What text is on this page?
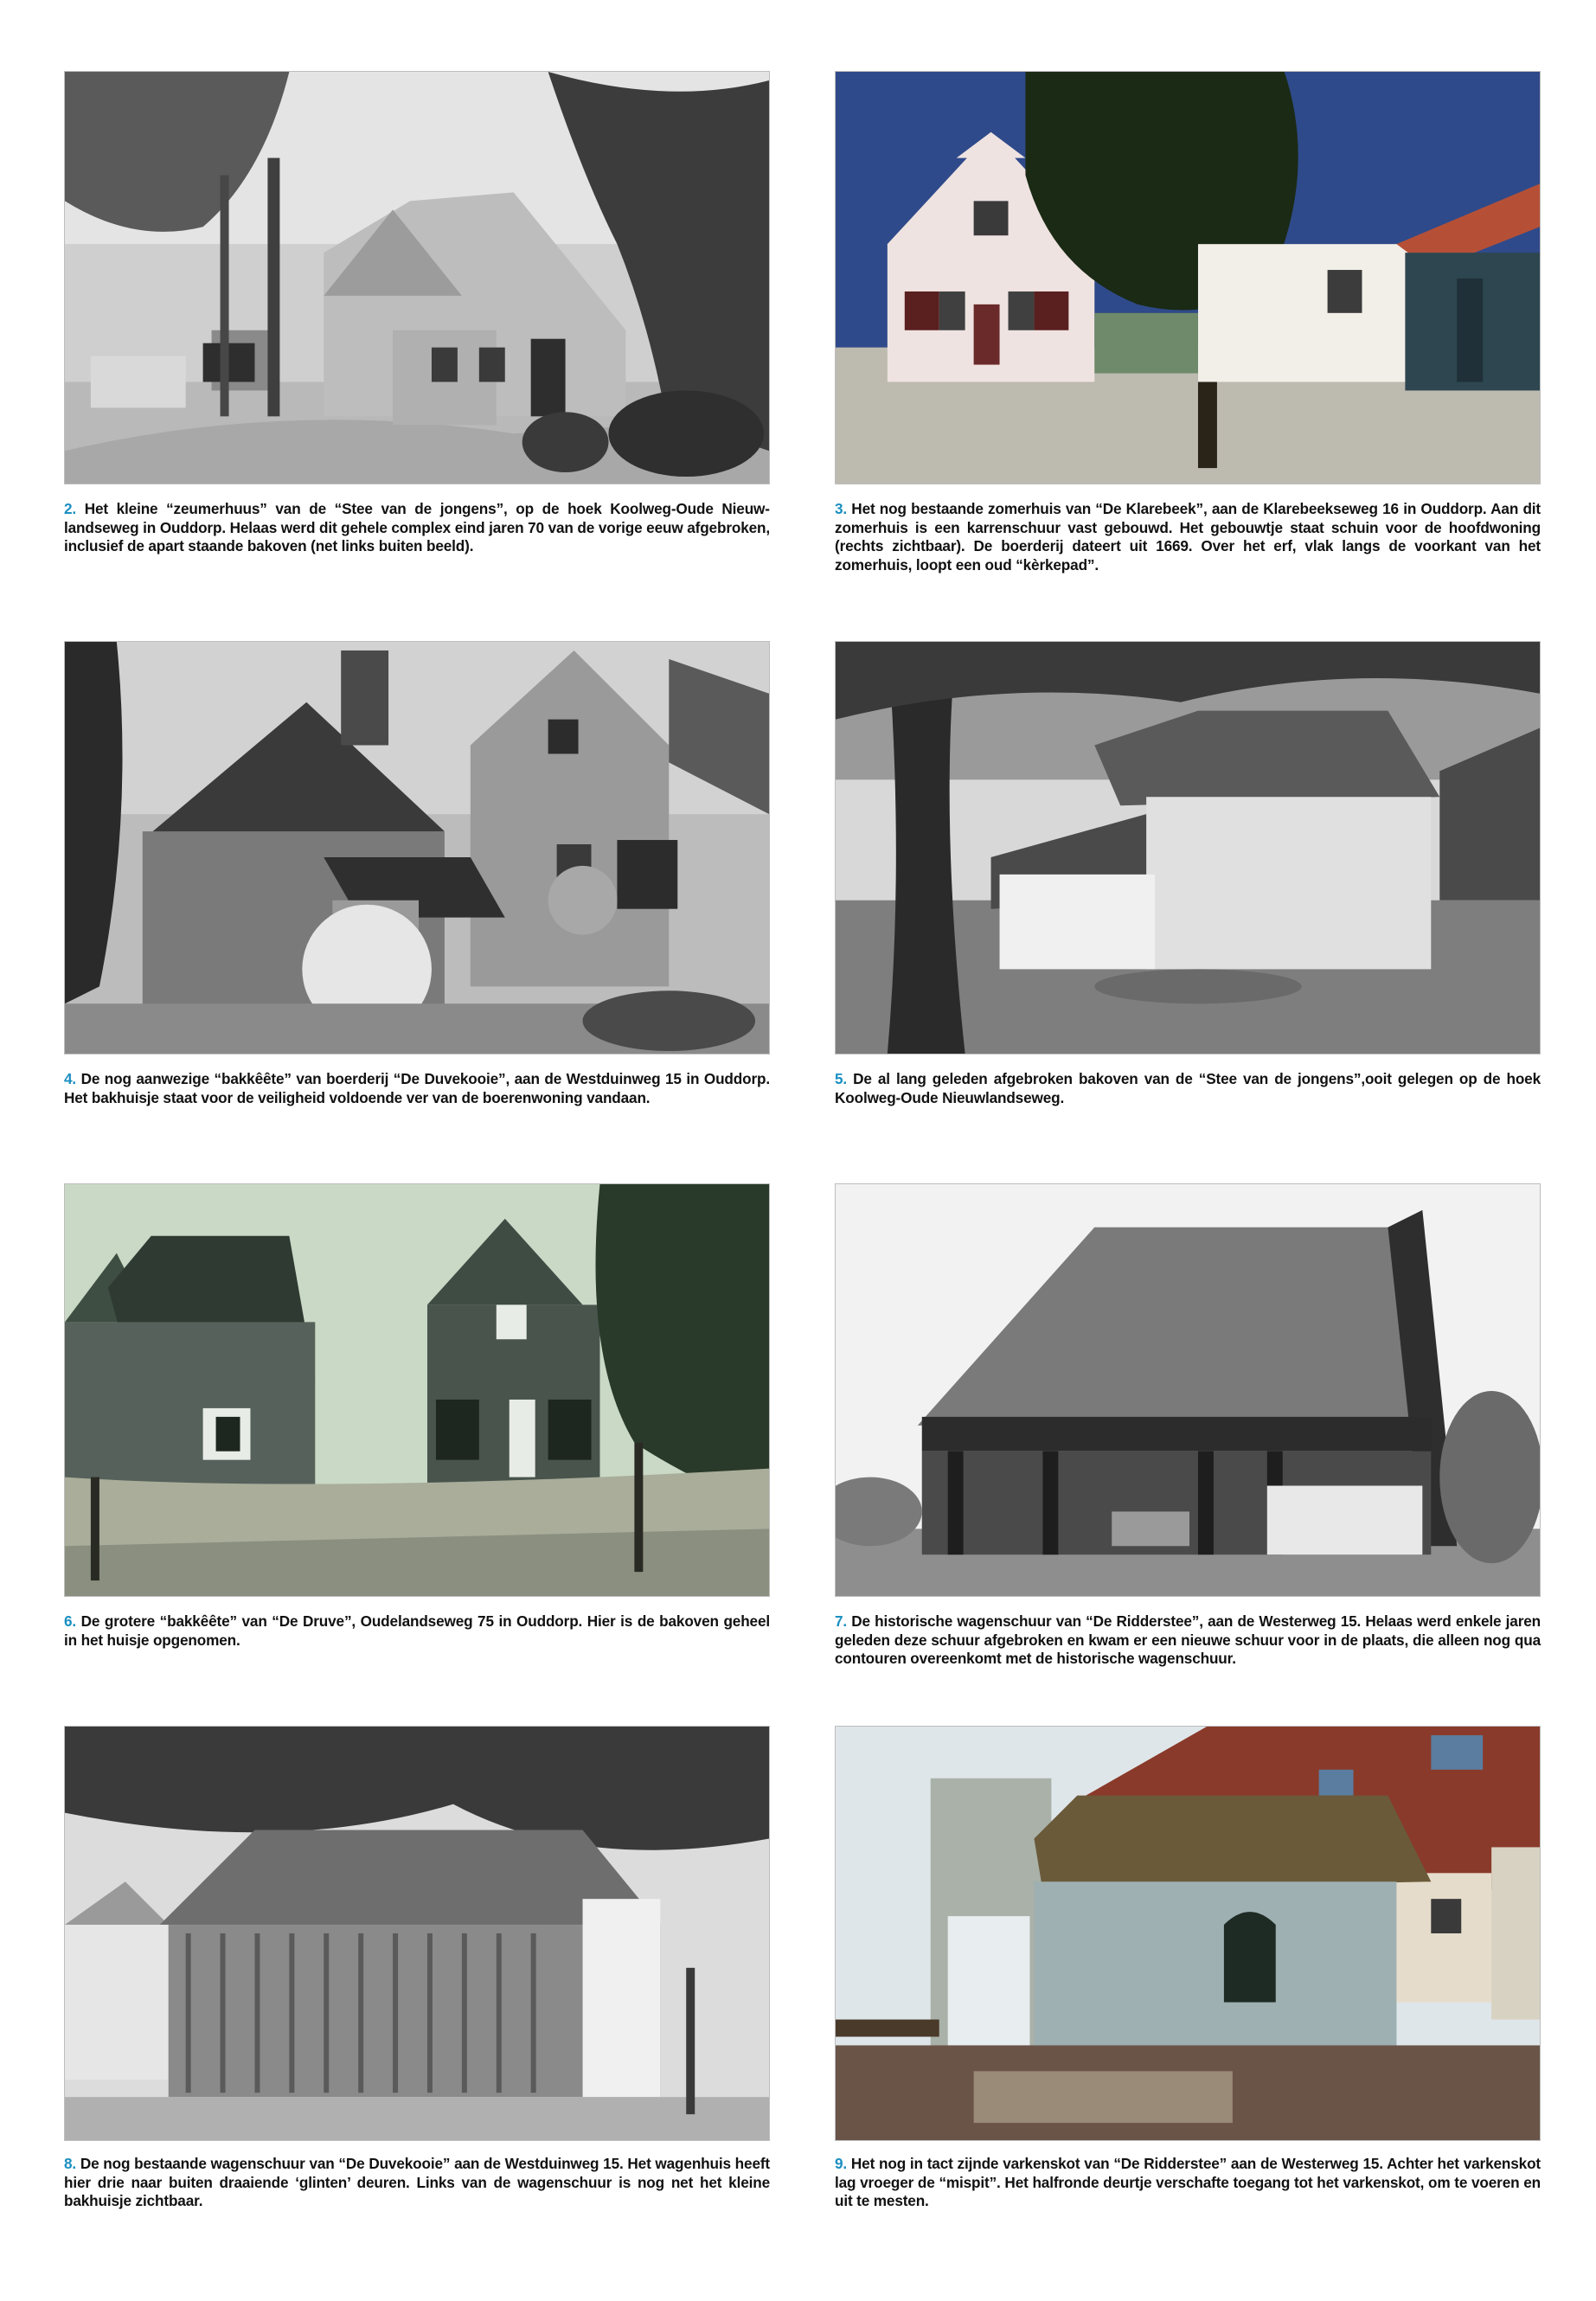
2. Het kleine “zeumerhuus” van de “Stee van de jongens”, op de hoek Koolweg-Oude Nieuwlandseweg in Ouddorp. Helaas werd dit gehele complex eind jaren 70 van de vorige eeuw afgebroken, inclusief de apart staande bakoven (net links buiten beeld).

3. Het nog bestaande zomerhuis van “De Klarebeek”, aan de Klarebeekseweg 16 in Ouddorp. Aan dit zomerhuis is een karrenschuur vast gebouwd. Het gebouwtje staat schuin voor de hoofdwoning (rechts zichtbaar). De boerderij dateert uit 1669. Over het erf, vlak langs de voorkant van het zomerhuis, loopt een oud “kèrkepad”.

4. De nog aanwezige “bakkêête” van boerderij “De Duvekooie”, aan de Westduinweg 15 in Ouddorp. Het bakhuisje staat voor de veiligheid voldoende ver van de boerenwoning vandaan.

5. De al lang geleden afgebroken bakoven van de “Stee van de jongens”,ooit gelegen op de hoek Koolweg-Oude Nieuwlandseweg.

6. De grotere “bakkêête” van “De Druve”, Oudelandseweg 75 in Ouddorp. Hier is de bakoven geheel in het huisje opgenomen.

7. De historische wagenschuur van “De Ridderstee”, aan de Westerweg 15. Helaas werd enkele jaren geleden deze schuur afgebroken en kwam er een nieuwe schuur voor in de plaats, die alleen nog qua contouren overeenkomt met de historische wagenschuur.

8. De nog bestaande wagenschuur van “De Duvekooie” aan de Westduinweg 15. Het wagenhuis heeft hier drie naar buiten draaiende ‘glinten’ deuren. Links van de wagenschuur is nog net het kleine bakhuisje zichtbaar.

9. Het nog in tact zijnde varkenskot van “De Ridderstee” aan de Westerweg 15. Achter het varkenskot lag vroeger de “mispit”. Het halfronde deurtje verschafte toegang tot het varkenskot, om te voeren en uit te mesten.
